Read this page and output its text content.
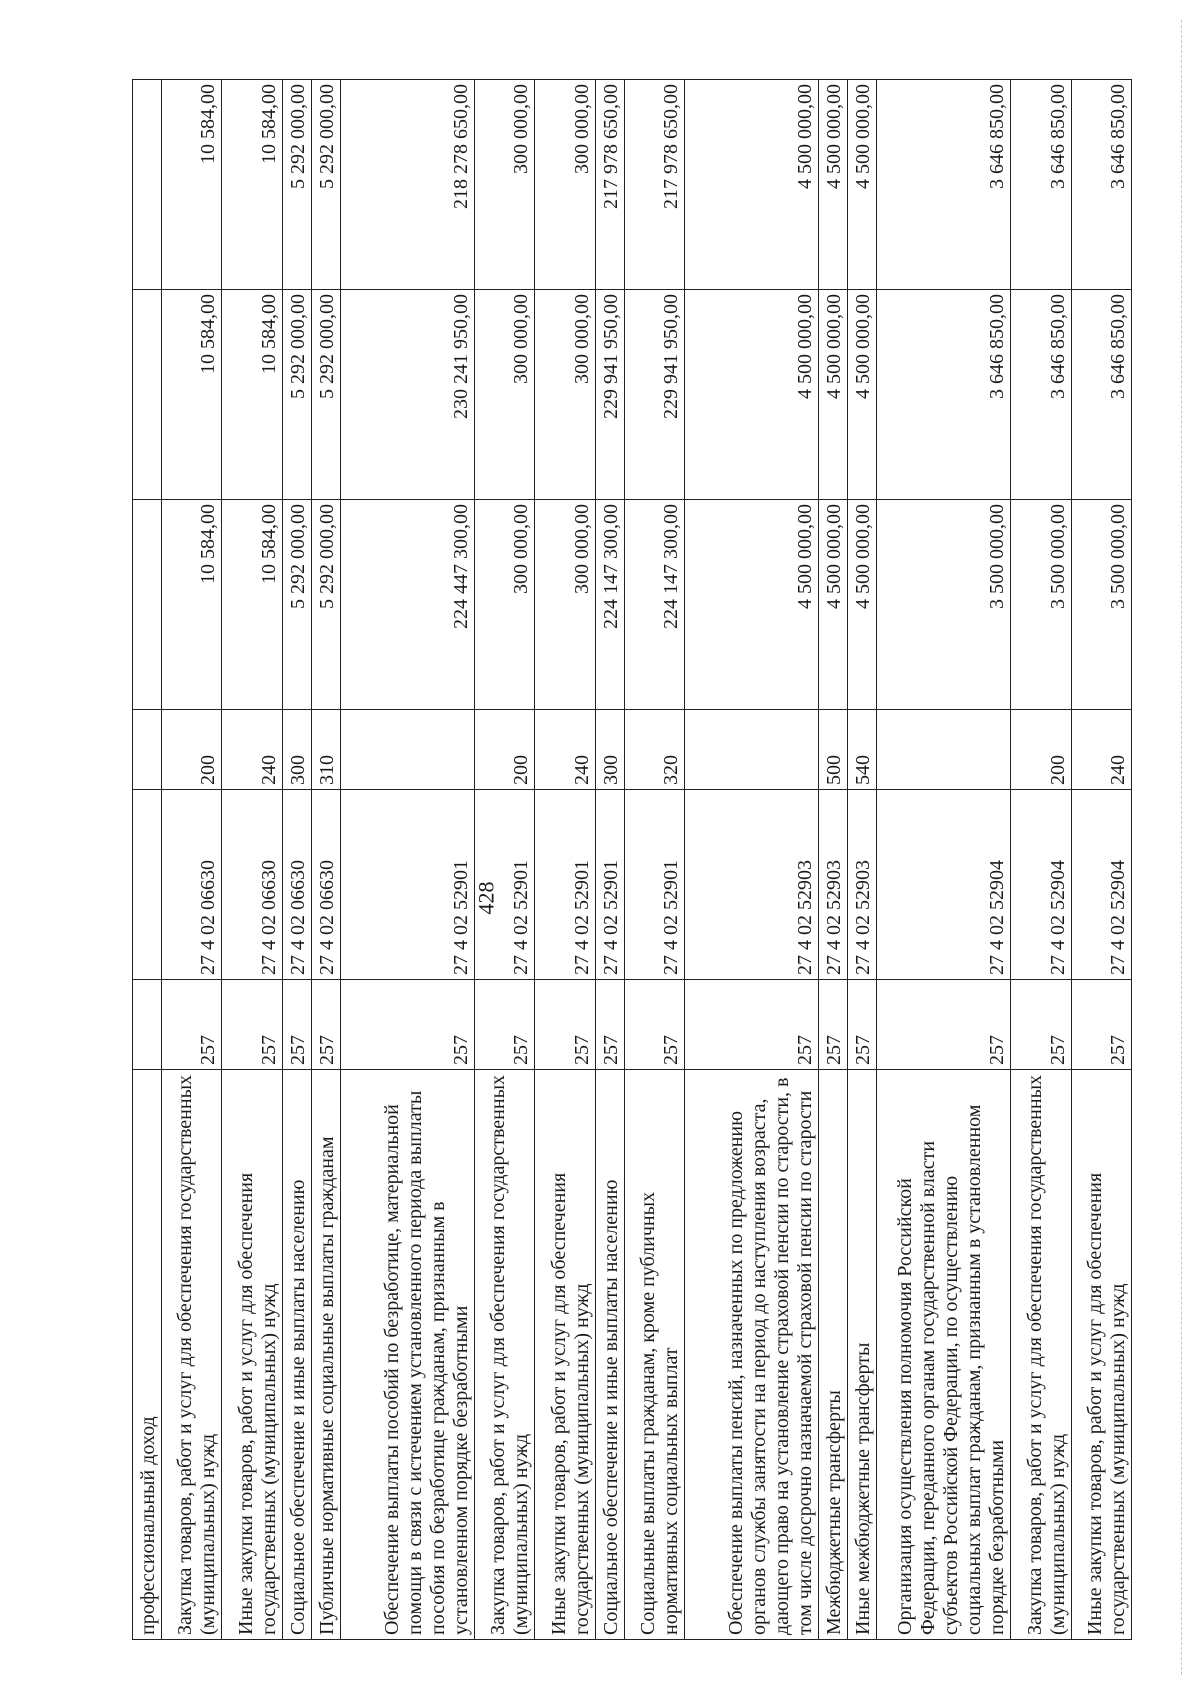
428
профессиональный доход						
Закупка товаров, работ и услуг для обеспечения государственных (муниципальных) нужд	257	27 4 02 06630	200	10 584,00	10 584,00	10 584,00
Иные закупки товаров, работ и услуг для обеспечения государственных (муниципальных) нужд	257	27 4 02 06630	240	10 584,00	10 584,00	10 584,00
Социальное обеспечение и иные выплаты населению	257	27 4 02 06630	300	5 292 000,00	5 292 000,00	5 292 000,00
Публичные нормативные социальные выплаты гражданам	257	27 4 02 06630	310	5 292 000,00	5 292 000,00	5 292 000,00
Обеспечение выплаты пособий по безработице, материальной помощи в связи с истечением установленного периода выплаты пособия по безработице гражданам, признанным в установленном порядке безработными	257	27 4 02 52901		224 447 300,00	230 241 950,00	218 278 650,00
Закупка товаров, работ и услуг для обеспечения государственных (муниципальных) нужд	257	27 4 02 52901	200	300 000,00	300 000,00	300 000,00
Иные закупки товаров, работ и услуг для обеспечения государственных (муниципальных) нужд	257	27 4 02 52901	240	300 000,00	300 000,00	300 000,00
Социальное обеспечение и иные выплаты населению	257	27 4 02 52901	300	224 147 300,00	229 941 950,00	217 978 650,00
Социальные выплаты гражданам, кроме публичных нормативных социальных выплат	257	27 4 02 52901	320	224 147 300,00	229 941 950,00	217 978 650,00
Обеспечение выплаты пенсий, назначенных по предложению органов службы занятости на период до наступления возраста, дающего право на установление страховой пенсии по старости, в том числе досрочно назначаемой страховой пенсии по старости	257	27 4 02 52903		4 500 000,00	4 500 000,00	4 500 000,00
Межбюджетные трансферты	257	27 4 02 52903	500	4 500 000,00	4 500 000,00	4 500 000,00
Иные межбюджетные трансферты	257	27 4 02 52903	540	4 500 000,00	4 500 000,00	4 500 000,00
Организация осуществления полномочия Российской Федерации, переданного органам государственной власти субъектов Российской Федерации, по осуществлению социальных выплат гражданам, признанным в установленном порядке безработными	257	27 4 02 52904		3 500 000,00	3 646 850,00	3 646 850,00
Закупка товаров, работ и услуг для обеспечения государственных (муниципальных) нужд	257	27 4 02 52904	200	3 500 000,00	3 646 850,00	3 646 850,00
Иные закупки товаров, работ и услуг для обеспечения государственных (муниципальных) нужд	257	27 4 02 52904	240	3 500 000,00	3 646 850,00	3 646 850,00
